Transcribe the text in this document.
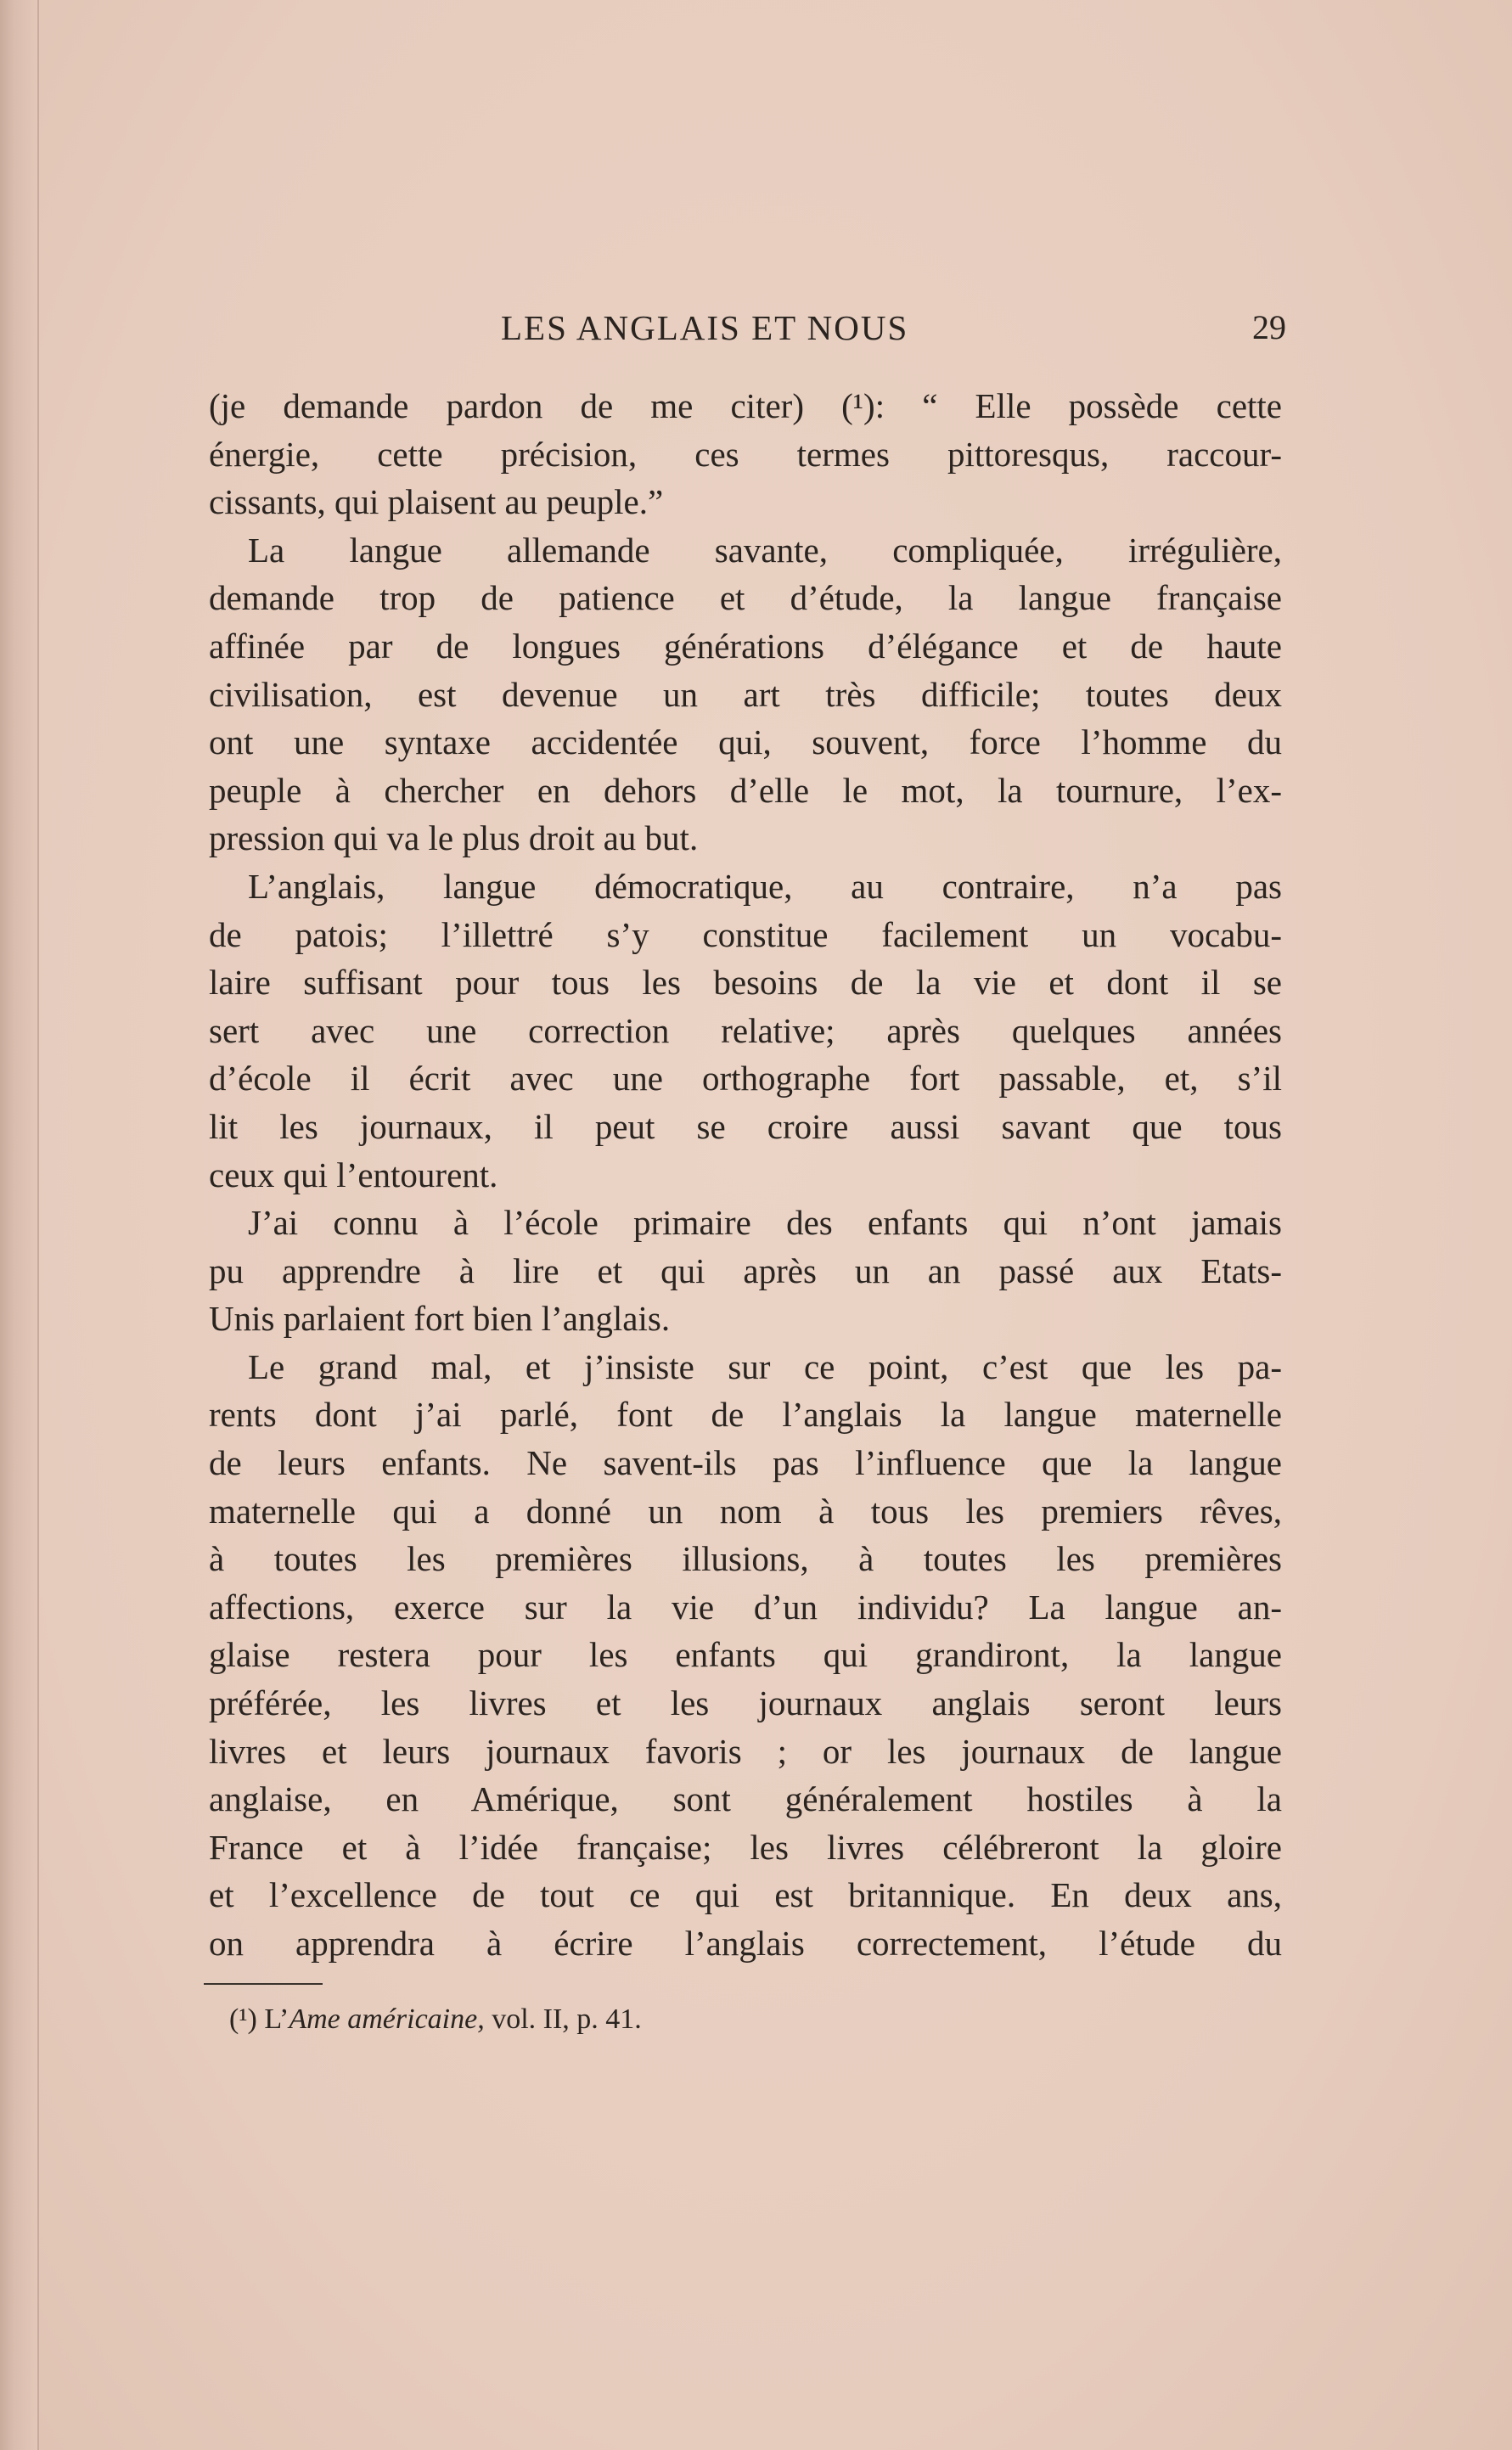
LES ANGLAIS ET NOUS	29
(je demande pardon de me citer) (¹): “ Elle possède cette
énergie, cette précision, ces termes pittoresqus, raccour-
cissants, qui plaisent au peuple.”
La langue allemande savante, compliquée, irrégulière,
demande trop de patience et d’étude, la langue française
affinée par de longues générations d’élégance et de haute
civilisation, est devenue un art très difficile; toutes deux
ont une syntaxe accidentée qui, souvent, force l’homme du
peuple à chercher en dehors d’elle le mot, la tournure, l’ex-
pression qui va le plus droit au but.
L’anglais, langue démocratique, au contraire, n’a pas
de patois; l’illettré s’y constitue facilement un vocabu-
laire suffisant pour tous les besoins de la vie et dont il se
sert avec une correction relative; après quelques années
d’école il écrit avec une orthographe fort passable, et, s’il
lit les journaux, il peut se croire aussi savant que tous
ceux qui l’entourent.
J’ai connu à l’école primaire des enfants qui n’ont jamais
pu apprendre à lire et qui après un an passé aux Etats-
Unis parlaient fort bien l’anglais.
Le grand mal, et j’insiste sur ce point, c’est que les pa-
rents dont j’ai parlé, font de l’anglais la langue maternelle
de leurs enfants. Ne savent-ils pas l’influence que la langue
maternelle qui a donné un nom à tous les premiers rêves,
à toutes les premières illusions, à toutes les premières
affections, exerce sur la vie d’un individu? La langue an-
glaise restera pour les enfants qui grandiront, la langue
préférée, les livres et les journaux anglais seront leurs
livres et leurs journaux favoris ; or les journaux de langue
anglaise, en Amérique, sont généralement hostiles à la
France et à l’idée française; les livres célébreront la gloire
et l’excellence de tout ce qui est britannique. En deux ans,
on apprendra à écrire l’anglais correctement, l’étude du
(¹) L’Ame américaine, vol. II, p. 41.
